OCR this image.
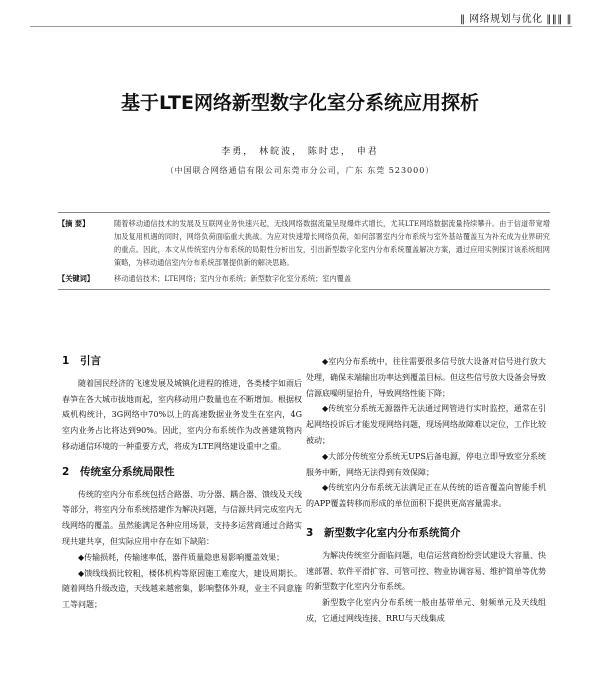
‖ 网络规划与优化 ‖‖‖ ‖
基于LTE网络新型数字化室分系统应用探析
李勇， 林皖波， 陈时忠， 申君
（中国联合网络通信有限公司东莞市分公司，广东 东莞 523000）
【摘 要】	随着移动通信技术的发展及互联网业务快速兴起，无线网络数据流量呈现爆炸式增长，尤其LTE网络数据流量持续攀升。由于信道带宽增加及复用机遇的同时，网络负荷面临重大挑战。为应对快速增长网络负荷，如何部署室内分布系统与室外基站覆盖互为补充成为业界研究的重点。因此，本文从传统室内分布系统的局限性分析出发，引出新型数字化室内分布系统覆盖解决方案，通过应用实例探讨该系统组网策略，为移动通信室内分布系统部署提供新的解决思路。
【关键词】	移动通信技术；LTE网络；室内分布系统；新型数字化室分系统；室内覆盖
1 引言

随着国民经济的飞速发展及城镇化进程的推进，各类楼宇如雨后春笋在各大城市拔地而起，室内移动用户数量也在不断增加。根据权威机构统计，3G网络中70%以上的高速数据业务发生在室内，4G室内业务占比将达到90%。因此，室内分布系统作为改善建筑物内移动通信环境的一种重要方式，将成为LTE网络建设重中之重。

2 传统室分系统局限性

传统的室内分布系统包括合路器、功分器、耦合器、馈线及天线等部分，将室内分布系统搭建作为解决问题，与信源共同完成室内无线网络的覆盖。虽然能满足各种应用场景，支持多运营商通过合路实现共建共享，但实际应用中存在如下缺陷：

◆传输损耗，传输速率低，器件质量隐患易影响覆盖效果；

◆馈线线损比较粗，楼体机构等原因施工难度大，建设周期长。随着网络升级改造，天线越来越密集，影响整体外观，业主不同意施工等问题；

◆室内分布系统中，往往需要很多信号放大设备对信号进行放大处理，确保末端输出功率达到覆盖目标。但这些信号放大设备会导致信源底噪明显抬升，导致网络性能下降；

◆传统室分系统无源器件无法通过网管进行实时监控，通常在引起网络投诉后才能发现网络问题，现场网络故障难以定位，工作比较被动；

◆大部分传统室分系统无UPS后备电源，停电立即导致室分系统服务中断，网络无法得到有效保障；

◆传统室内分布系统无法满足正在从传统的语音覆盖向智能手机的APP覆盖转移而形成的单位面积下提供更高容量需求。

3 新型数字化室内分布系统简介

为解决传统室分面临问题，电信运营商纷纷尝试建设大容量、快速部署、软件平滑扩容、可管可控、物业协调容易、维护简单等优势的新型数字化室内分布系统。

新型数字化室内分布系统一般由基带单元、射频单元及天线组成，它通过网线连接、RRU与天线集成
